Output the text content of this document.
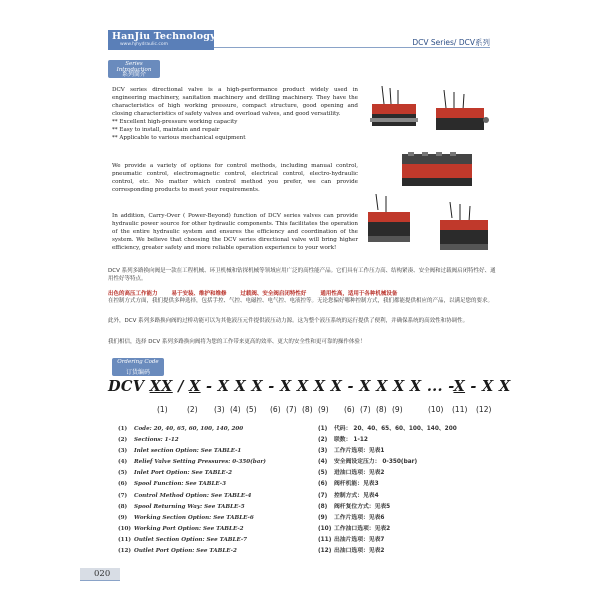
HanJiu Technology
www.hjhydraulic.com	DCV Series/ DCV系列
Series Introduction
系列简介
DCV series directional valve is a high-performance product widely used in engineering machinery, sanitation machinery and drilling machinery. They have the characteristics of high working pressure, compact structure, good opening and closing characteristics of safety valves and overload valves, and good versatility.
** Excellent high-pressure working capacity
** Easy to install, maintain and repair
** Applicable to various mechanical equipment
We provide a variety of options for control methods, including manual control, pneumatic control, electromagnetic control, electrical control, electro-hydraulic control, etc. No matter which control method you prefer, we can provide corresponding products to meet your requirements.
In addition, Carry-Over ( Power-Beyond) function of DCV series valves can provide hydraulic power source for other hydraulic components. This facilitates the operation of the entire hydraulic system and ensures the efficiency and coordination of the system. We believe that choosing the DCV series directional valve will bring higher efficiency, greater safety and more reliable operation experience to your work!
DCV 系列多路换向阀是一款在工程机械、环卫机械和钻探机械等领域应用广泛的高性能产品。它们具有工作压力高、结构紧凑、安全阀和过载阀启闭特性好、通用性好等特点。
出色的高压工作能力	易于安装、维护和维修	过载阀、安全阀启闭特性好	通用性高，适用于各种机械设备
在控制方式方面，我们提供多种选择，包括手控、气控、电磁控、电气控、电液控等。无论您偏好哪种控制方式，我们都能提供相应的产品，以满足您的要求。
此外，DCV 系列多路换向阀的过桥功能可以为其他液压元件提供液压动力源。这为整个液压系统的运行提供了便利，并确保系统的高效性和协调性。
我们相信，选择 DCV 系列多路换向阀将为您的工作带来更高的效率、更大的安全性和更可靠的操作体验！
Ordering Code
订货编码
DCV XX / X - X X X - X X X X - X X X X ... -X - X X
(1)	(2) (3) (4) (5) (6) (7) (8) (9) (6) (7) (8) (9)	(10) (11) (12)
(1) Code: 20, 40, 65, 60, 100, 140, 200
(2) Sections: 1-12
(3) Inlet section Option: See TABLE-1
(4) Relief Valve Setting Pressures: 0-350(bar)
(5) Inlet Port Option: See TABLE-2
(6) Spool Function: See TABLE-3
(7) Control Method Option: See TABLE-4
(8) Spool Returning Way: See TABLE-5
(9) Working Section Option: See TABLE-6
(10) Working Port Option: See TABLE-2
(11) Outlet Section Option: See TABLE-7
(12) Outlet Port Option: See TABLE-2
(1) 代码： 20、40、65、60、100、140、200
(2) 联数： 1-12
(3) 工作片选项：见表1
(4) 安全阀设定压力： 0-350(bar)
(5) 进油口选项：见表2
(6) 阀杆机能：见表3
(7) 控制方式：见表4
(8) 阀杆复位方式：见表5
(9) 工作片选项：见表6
(10) 工作油口选项：见表2
(11) 出油片选项：见表7
(12) 出油口选项：见表2
020
